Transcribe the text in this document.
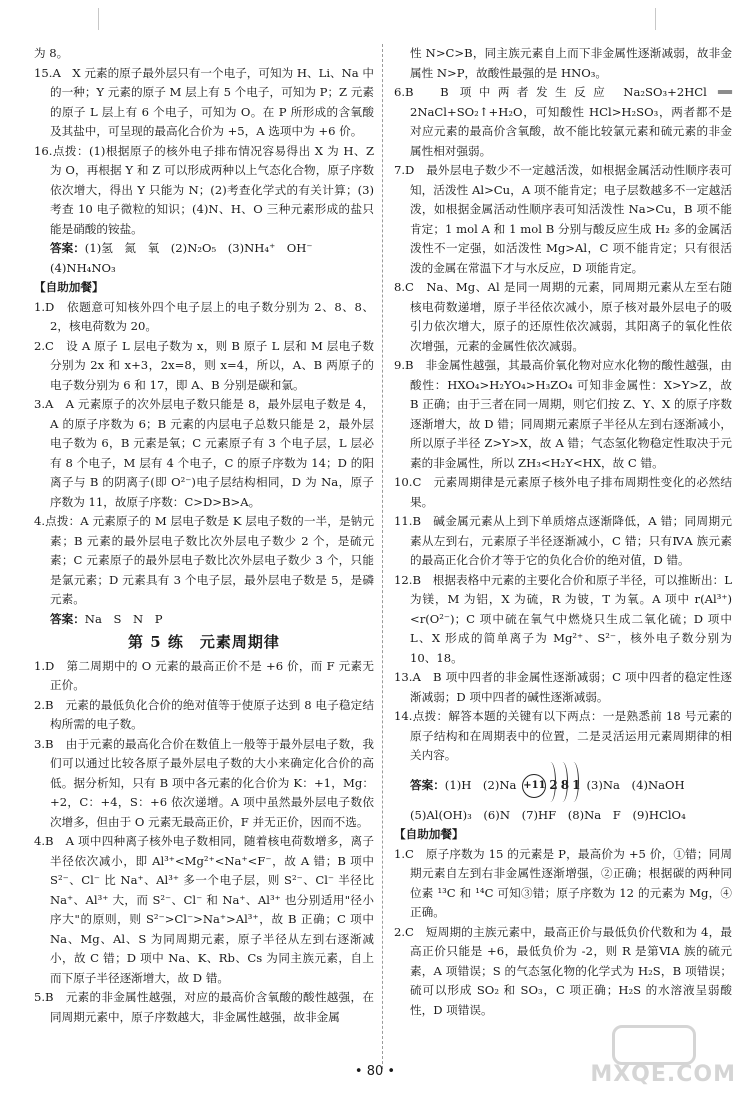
为 8。

15.A　X 元素的原子最外层只有一个电子，可知为 H、Li、Na 中的一种；Y 元素的原子 M 层上有 5 个电子，可知为 P；Z 元素的原子 L 层上有 6 个电子，可知为 O。在 P 所形成的含氧酸及其盐中，可呈现的最高化合价为 +5，A 选项中为 +6 价。

16.点拨：(1)根据原子的核外电子排布情况容易得出 X 为 H、Z 为 O，再根据 Y 和 Z 可以形成两种以上气态化合物，原子序数依次增大，得出 Y 只能为 N；(2)考查化学式的有关计算；(3)考查 10 电子微粒的知识；(4)N、H、O 三种元素形成的盐只能是硝酸的铵盐。

答案：(1)氢　氮　氧　(2)N₂O₅　(3)NH₄⁺　OH⁻

(4)NH₄NO₃

【自助加餐】

1.D　依题意可知核外四个电子层上的电子数分别为 2、8、8、2，核电荷数为 20。

2.C　设 A 原子 L 层电子数为 x，则 B 原子 L 层和 M 层电子数分别为 2x 和 x+3，2x=8，则 x=4，所以，A、B 两原子的电子数分别为 6 和 17，即 A、B 分别是碳和氯。

3.A　A 元素原子的次外层电子数只能是 8，最外层电子数是 4，A 的原子序数为 6；B 元素的内层电子总数只能是 2，最外层电子数为 6，B 元素是氧；C 元素原子有 3 个电子层，L 层必有 8 个电子，M 层有 4 个电子，C 的原子序数为 14；D 的阳离子与 B 的阴离子(即 O²⁻)电子层结构相同，D 为 Na，原子序数为 11，故原子序数：C>D>B>A。

4.点拨：A 元素原子的 M 层电子数是 K 层电子数的一半，是钠元素；B 元素的最外层电子数比次外层电子数少 2 个，是硫元素；C 元素原子的最外层电子数比次外层电子数少 3 个，只能是氯元素；D 元素具有 3 个电子层，最外层电子数是 5，是磷元素。

答案：Na　S　N　P

第 5 练　元素周期律

1.D　第二周期中的 O 元素的最高正价不是 +6 价，而 F 元素无正价。

2.B　元素的最低负化合价的绝对值等于使原子达到 8 电子稳定结构所需的电子数。

3.B　由于元素的最高化合价在数值上一般等于最外层电子数，我们可以通过比较各原子最外层电子数的大小来确定化合价的高低。据分析知，只有 B 项中各元素的化合价为 K：+1，Mg：+2，C：+4，S：+6 依次递增。A 项中虽然最外层电子数依次增多，但由于 O 元素无最高正价，F 并无正价，因而不选。

4.B　A 项中四种离子核外电子数相同，随着核电荷数增多，离子半径依次减小，即 Al³⁺<Mg²⁺<Na⁺<F⁻，故 A 错；B 项中 S²⁻、Cl⁻ 比 Na⁺、Al³⁺ 多一个电子层，则 S²⁻、Cl⁻ 半径比 Na⁺、Al³⁺ 大，而 S²⁻、Cl⁻ 和 Na⁺、Al³⁺ 也分别适用"径小序大"的原则，则 S²⁻>Cl⁻>Na⁺>Al³⁺，故 B 正确；C 项中 Na、Mg、Al、S 为同周期元素，原子半径从左到右逐渐减小，故 C 错；D 项中 Na、K、Rb、Cs 为同主族元素，自上而下原子半径逐渐增大，故 D 错。

5.B　元素的非金属性越强，对应的最高价含氧酸的酸性越强，在同周期元素中，原子序数越大，非金属性越强，故非金属

性 N>C>B，同主族元素自上而下非金属性逐渐减弱，故非金属性 N>P，故酸性最强的是 HNO₃。

6.B　B 项中两者发生反应 Na₂SO₃+2HCl ══ 2NaCl+SO₂↑+H₂O，可知酸性 HCl>H₂SO₃，两者都不是对应元素的最高价含氧酸，故不能比较氯元素和硫元素的非金属性相对强弱。

7.D　最外层电子数少不一定越活泼，如根据金属活动性顺序表可知，活泼性 Al>Cu，A 项不能肯定；电子层数越多不一定越活泼，如根据金属活动性顺序表可知活泼性 Na>Cu，B 项不能肯定；1 mol A 和 1 mol B 分别与酸反应生成 H₂ 多的金属活泼性不一定强，如活泼性 Mg>Al，C 项不能肯定；只有很活泼的金属在常温下才与水反应，D 项能肯定。

8.C　Na、Mg、Al 是同一周期的元素，同周期元素从左至右随核电荷数递增，原子半径依次减小，原子核对最外层电子的吸引力依次增大，原子的还原性依次减弱，其阳离子的氧化性依次增强，元素的金属性依次减弱。

9.B　非金属性越强，其最高价氧化物对应水化物的酸性越强，由酸性：HXO₄>H₂YO₄>H₃ZO₄ 可知非金属性：X>Y>Z，故 B 正确；由于三者在同一周期，则它们按 Z、Y、X 的原子序数逐渐增大，故 D 错；同周期元素原子半径从左到右逐渐减小，所以原子半径 Z>Y>X，故 A 错；气态氢化物稳定性取决于元素的非金属性，所以 ZH₃<H₂Y<HX，故 C 错。

10.C　元素周期律是元素原子核外电子排布周期性变化的必然结果。

11.B　碱金属元素从上到下单质熔点逐渐降低，A 错；同周期元素从左到右，元素原子半径逐渐减小，C 错；只有ⅣA 族元素的最高正化合价才等于它的负化合价的绝对值，D 错。

12.B　根据表格中元素的主要化合价和原子半径，可以推断出：L 为镁，M 为铝，X 为硫，R 为铍，T 为氧。A 项中 r(Al³⁺)<r(O²⁻)；C 项中硫在氧气中燃烧只生成二氧化硫；D 项中 L、X 形成的简单离子为 Mg²⁺、S²⁻，核外电子数分别为 10、18。

13.A　B 项中四者的非金属性逐渐减弱；C 项中四者的稳定性逐渐减弱；D 项中四者的碱性逐渐减弱。

14.点拨：解答本题的关键有以下两点：一是熟悉前 18 号元素的原子结构和在周期表中的位置，二是灵活运用元素周期律的相关内容。

答案： (1)H　(2)Na +11 2 8 1 (3)Na　(4)NaOH

(5)Al(OH)₃　(6)N　(7)HF　(8)Na　F　(9)HClO₄

【自助加餐】

1.C　原子序数为 15 的元素是 P，最高价为 +5 价，①错；同周期元素自左到右非金属性逐渐增强，②正确；根据碳的两种同位素 ¹³C 和 ¹⁴C 可知③错；原子序数为 12 的元素为 Mg，④正确。

2.C　短周期的主族元素中，最高正价与最低负价代数和为 4，最高正价只能是 +6，最低负价为 -2，则 R 是第ⅥA 族的硫元素，A 项错误；S 的气态氢化物的化学式为 H₂S，B 项错误；硫可以形成 SO₂ 和 SO₃，C 项正确；H₂S 的水溶液呈弱酸性，D 项错误。

• 80 •	MXQE.COM
